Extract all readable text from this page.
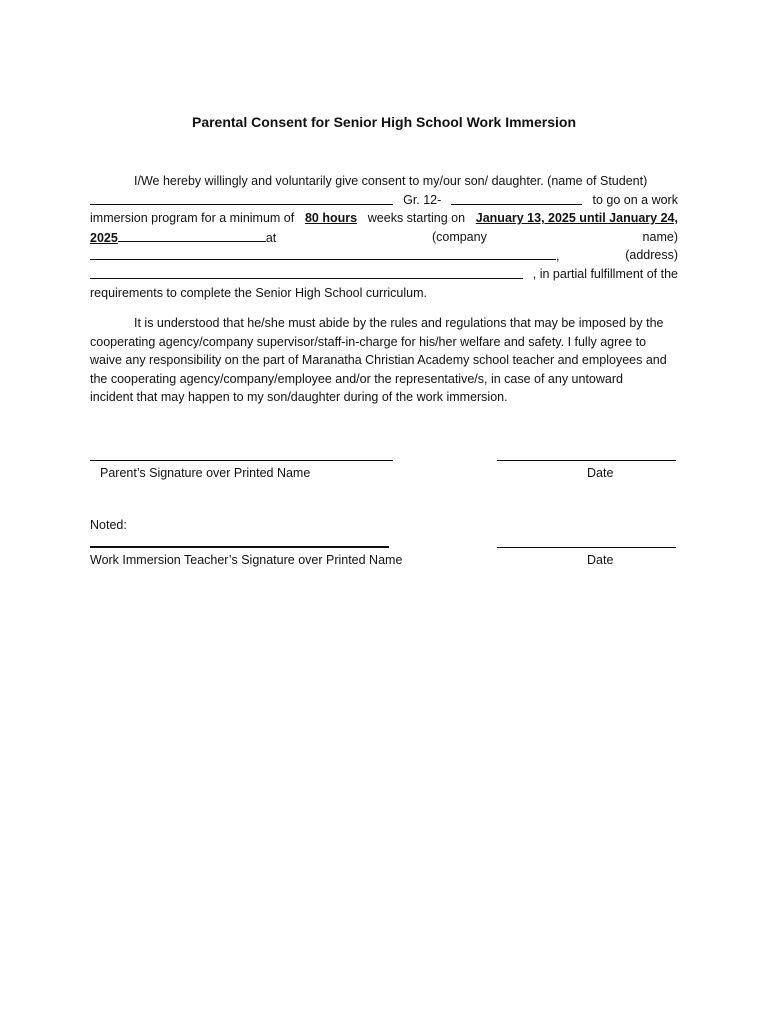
Parental Consent for Senior High School Work Immersion
I/We hereby willingly and voluntarily give consent to my/our son/ daughter. (name of Student)
Gr. 12-	to go on a work
immersion program for a minimum of 80 hours weeks starting on January 13, 2025 until January 24,
2025	at	(company	name)
,	(address)
, in partial fulfillment of the
requirements to complete the Senior High School curriculum.
It is understood that he/she must abide by the rules and regulations that may be imposed by the
cooperating agency/company supervisor/staff-in-charge for his/her welfare and safety. I fully agree to
waive any responsibility on the part of Maranatha Christian Academy school teacher and employees and
the cooperating agency/company/employee and/or the representative/s, in case of any untoward
incident that may happen to my son/daughter during of the work immersion.
Parent’s Signature over Printed Name	Date
Noted:
Work Immersion Teacher’s Signature over Printed Name	Date
